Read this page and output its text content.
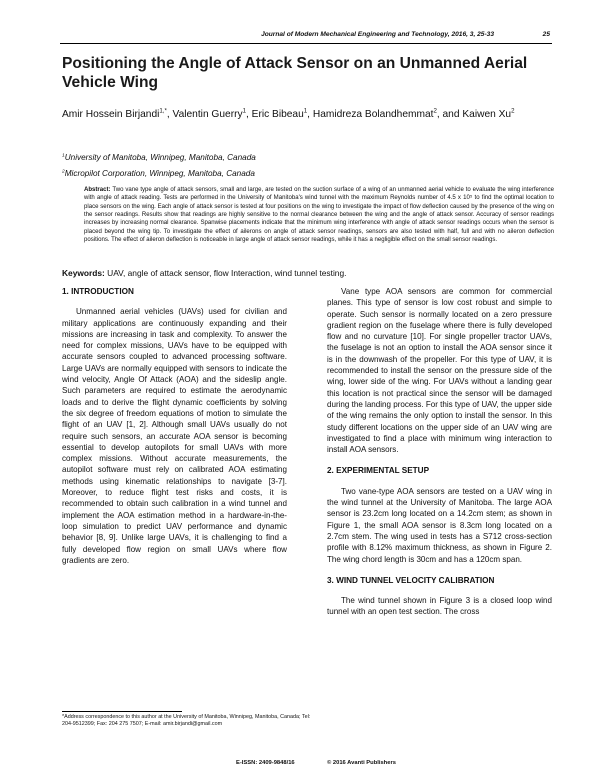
Journal of Modern Mechanical Engineering and Technology, 2016, 3, 25-33	25
Positioning the Angle of Attack Sensor on an Unmanned Aerial Vehicle Wing
Amir Hossein Birjandi$^{1,*}$, Valentin Guerry$^1$, Eric Bibeau$^1$, Hamidreza Bolandhemmat$^2$, and Kaiwen Xu$^2$
$^1$University of Manitoba, Winnipeg, Manitoba, Canada
$^2$Micropilot Corporation, Winnipeg, Manitoba, Canada
Abstract: Two vane type angle of attack sensors, small and large, are tested on the suction surface of a wing of an unmanned aerial vehicle to evaluate the wing interference with angle of attack reading. Tests are performed in the University of Manitoba's wind tunnel with the maximum Reynolds number of 4.5 x 10⁵ to find the optimal location to place sensors on the wing. Each angle of attack sensor is tested at four positions on the wing to investigate the impact of flow deflection caused by the presence of the wing on the sensor readings. Results show that readings are highly sensitive to the normal clearance between the wing and the angle of attack sensor. Accuracy of sensor readings increases by increasing normal clearance. Spanwise placements indicate that the minimum wing interference with angle of attack sensor readings occurs when the sensor is placed beyond the wing tip. To investigate the effect of ailerons on angle of attack sensor readings, sensors are also tested with half, full and with no aileron deflection positions. The effect of aileron deflection is noticeable in large angle of attack sensor readings, while it has a negligible effect on the small sensor readings.
Keywords: UAV, angle of attack sensor, flow Interaction, wind tunnel testing.
1. INTRODUCTION

Unmanned aerial vehicles (UAVs) used for civilian and military applications are continuously expanding and their missions are increasing in task and complexity. To answer the need for complex missions, UAVs have to be equipped with accurate sensors coupled to advanced processing software. Large UAVs are normally equipped with sensors to indicate the wind velocity, Angle Of Attack (AOA) and the sideslip angle. Such parameters are required to estimate the aerodynamic loads and to derive the flight dynamic coefficients by solving the six degree of freedom equations of motion to simulate the flight of an UAV [1, 2]. Although small UAVs usually do not require such sensors, an accurate AOA sensor is becoming essential to develop autopilots for small UAVs with more complex missions. Without accurate measurements, the autopilot software must rely on calibrated AOA estimating methods using kinematic relationships to navigate [3-7]. Moreover, to reduce flight test risks and costs, it is recommended to obtain such calibration in a wind tunnel and implement the AOA estimation method in a hardware-in-the-loop simulation to predict UAV performance and dynamic behavior [8, 9]. Unlike large UAVs, it is challenging to find a fully developed flow region on small UAVs where flow gradients are zero.

Vane type AOA sensors are common for commercial planes. This type of sensor is low cost robust and simple to operate. Such sensor is normally located on a zero pressure gradient region on the fuselage where there is fully developed flow and no curvature [10]. For single propeller tractor UAVs, the fuselage is not an option to install the AOA sensor since it is in the downwash of the propeller. For this type of UAV, it is recommended to install the sensor on the pressure side of the wing, lower side of the wing. For UAVs without a landing gear this location is not practical since the sensor will be damaged during the landing process. For this type of UAV, the upper side of the wing remains the only option to install the sensor. In this study different locations on the upper side of an UAV wing are investigated to find a place with minimum wing interaction to install AOA sensors.

2. EXPERIMENTAL SETUP

Two vane-type AOA sensors are tested on a UAV wing in the wind tunnel at the University of Manitoba. The large AOA sensor is 23.2cm long located on a 14.2cm stem; as shown in Figure 1, the small AOA sensor is 8.3cm long located on a 2.7cm stem. The wing used in tests has a S712 cross-section profile with 8.12% maximum thickness, as shown in Figure 2. The wing chord length is 30cm and has a 120cm span.

3. WIND TUNNEL VELOCITY CALIBRATION

The wind tunnel shown in Figure 3 is a closed loop wind tunnel with an open test section. The cross

*Address correspondence to this author at the University of Manitoba, Winnipeg, Manitoba, Canada; Tel: 204-9512399; Fax: 204 275 7507; E-mail: amir.birjandi@gmail.com
E-ISSN: 2409-9848/16	© 2016 Avanti Publishers
